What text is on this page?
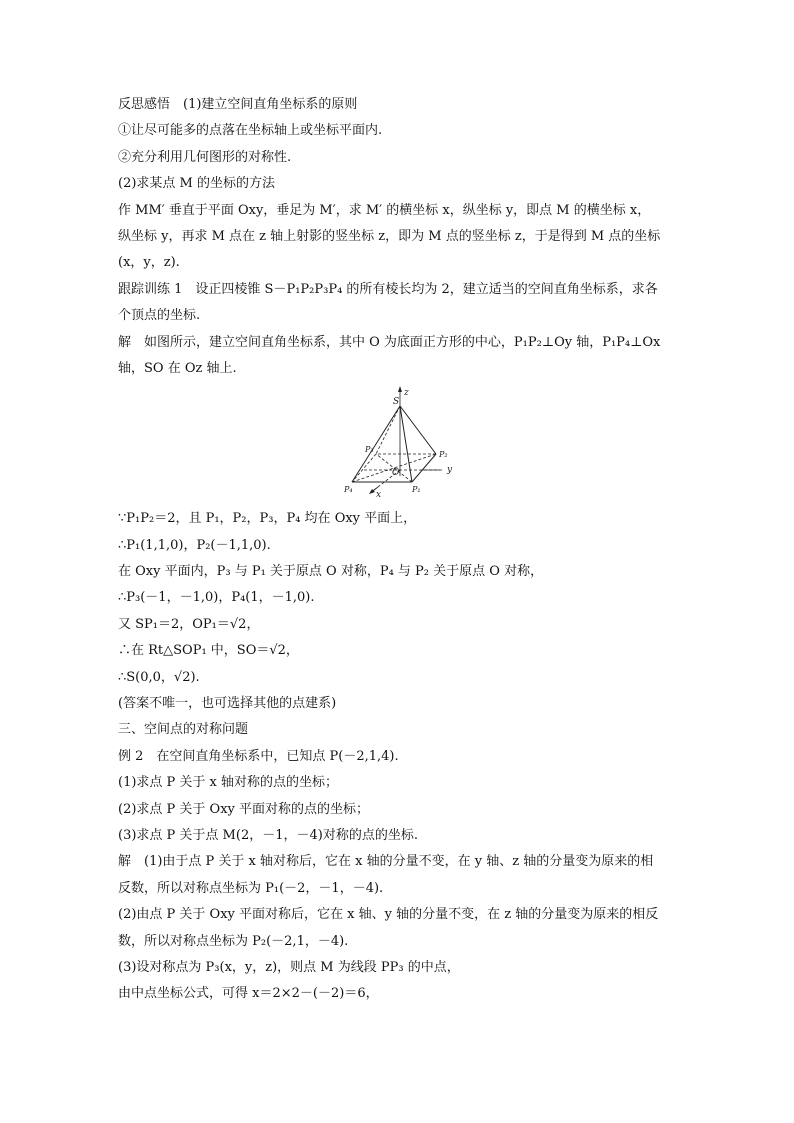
反思感悟　(1)建立空间直角坐标系的原则
①让尽可能多的点落在坐标轴上或坐标平面内.
②充分利用几何图形的对称性.
(2)求某点 M 的坐标的方法
作 MM′ 垂直于平面 Oxy，垂足为 M′，求 M′ 的横坐标 x，纵坐标 y，即点 M 的横坐标 x，
纵坐标 y，再求 M 点在 z 轴上射影的竖坐标 z，即为 M 点的竖坐标 z，于是得到 M 点的坐标
(x，y，z).
跟踪训练 1　设正四棱锥 S－P₁P₂P₃P₄ 的所有棱长均为 2，建立适当的空间直角坐标系，求各
个顶点的坐标.
解　如图所示，建立空间直角坐标系，其中 O 为底面正方形的中心，P₁P₂⊥Oy 轴，P₁P₄⊥Ox
轴，SO 在 Oz 轴上.
z
S
P₃
P₂
O	y
P₄
x
P₁
∵P₁P₂＝2，且 P₁，P₂，P₃，P₄ 均在 Oxy 平面上，
∴P₁(1,1,0)，P₂(－1,1,0).
在 Oxy 平面内，P₃ 与 P₁ 关于原点 O 对称，P₄ 与 P₂ 关于原点 O 对称，
∴P₃(－1，－1,0)，P₄(1，－1,0).
又 SP₁＝2，OP₁＝√2，
∴在 Rt△SOP₁ 中，SO＝√2，
∴S(0,0，√2).
(答案不唯一，也可选择其他的点建系)
三、空间点的对称问题
例 2　在空间直角坐标系中，已知点 P(－2,1,4).
(1)求点 P 关于 x 轴对称的点的坐标；
(2)求点 P 关于 Oxy 平面对称的点的坐标；
(3)求点 P 关于点 M(2，－1，－4)对称的点的坐标.
解　(1)由于点 P 关于 x 轴对称后，它在 x 轴的分量不变，在 y 轴、z 轴的分量变为原来的相
反数，所以对称点坐标为 P₁(－2，－1，－4).
(2)由点 P 关于 Oxy 平面对称后，它在 x 轴、y 轴的分量不变，在 z 轴的分量变为原来的相反
数，所以对称点坐标为 P₂(－2,1，－4).
(3)设对称点为 P₃(x，y，z)，则点 M 为线段 PP₃ 的中点，
由中点坐标公式，可得 x＝2×2－(－2)＝6，
